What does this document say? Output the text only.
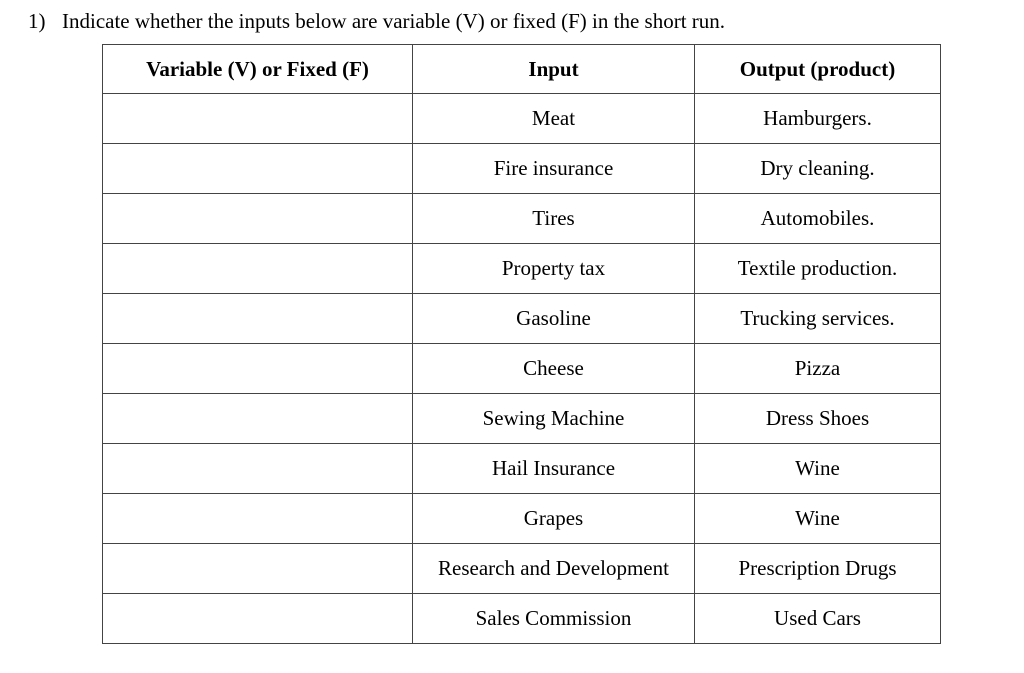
1) Indicate whether the inputs below are variable (V) or fixed (F) in the short run.
Variable (V) or Fixed (F)	Input	Output (product)
	Meat	Hamburgers.
	Fire insurance	Dry cleaning.
	Tires	Automobiles.
	Property tax	Textile production.
	Gasoline	Trucking services.
	Cheese	Pizza
	Sewing Machine	Dress Shoes
	Hail Insurance	Wine
	Grapes	Wine
	Research and Development	Prescription Drugs
	Sales Commission	Used Cars
